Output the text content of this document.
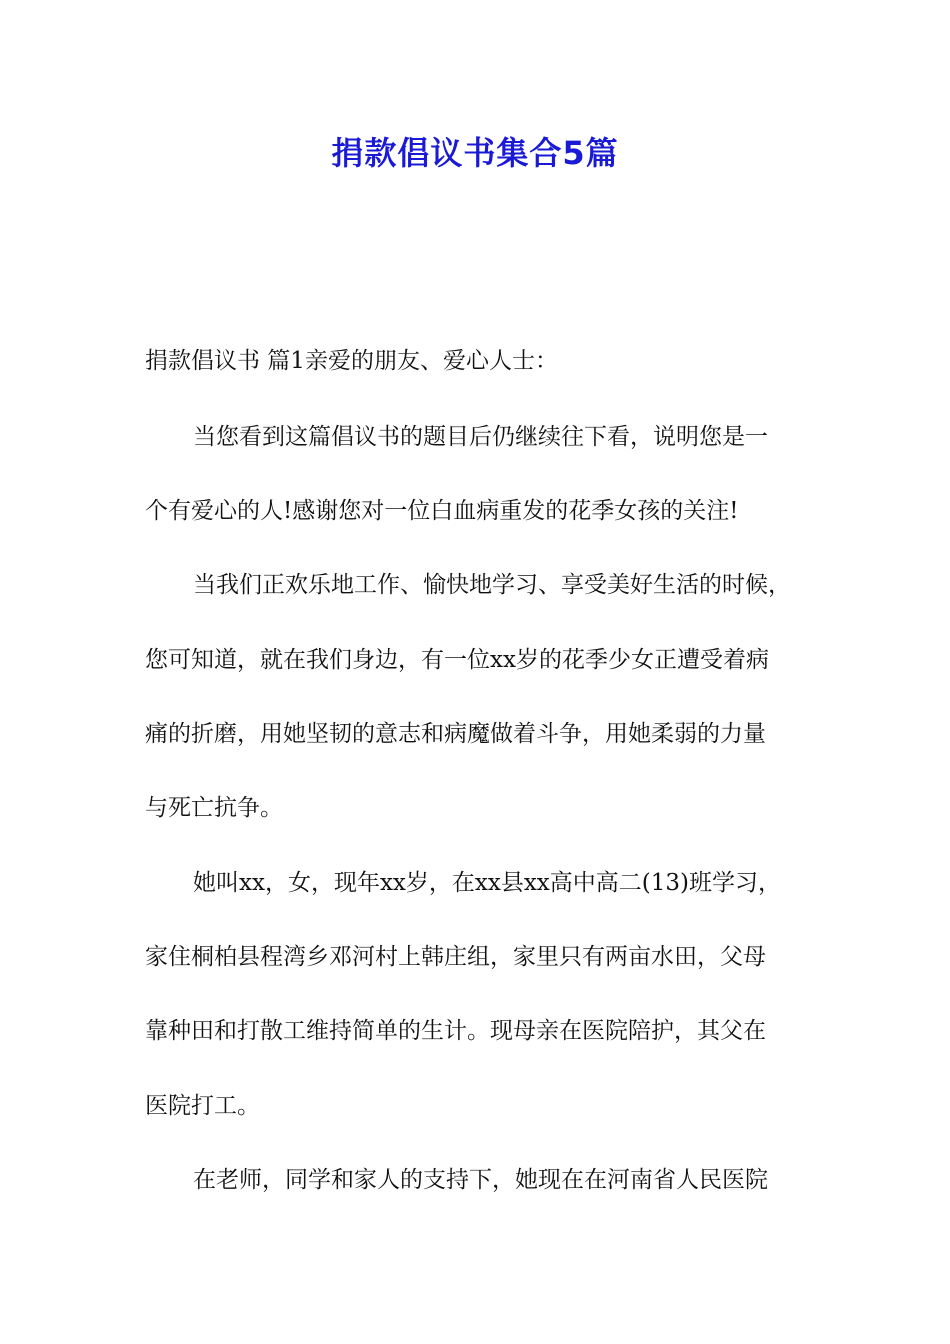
捐款倡议书集合5篇

捐款倡议书 篇1亲爱的朋友、爱心人士：

当您看到这篇倡议书的题目后仍继续往下看，说明您是一

个有爱心的人!感谢您对一位白血病重发的花季女孩的关注!

当我们正欢乐地工作、愉快地学习、享受美好生活的时候，

您可知道，就在我们身边，有一位xx岁的花季少女正遭受着病

痛的折磨，用她坚韧的意志和病魔做着斗争，用她柔弱的力量

与死亡抗争。

她叫xx，女，现年xx岁，在xx县xx高中高二(13)班学习，

家住桐柏县程湾乡邓河村上韩庄组，家里只有两亩水田，父母

靠种田和打散工维持简单的生计。现母亲在医院陪护，其父在

医院打工。

在老师，同学和家人的支持下，她现在在河南省人民医院
